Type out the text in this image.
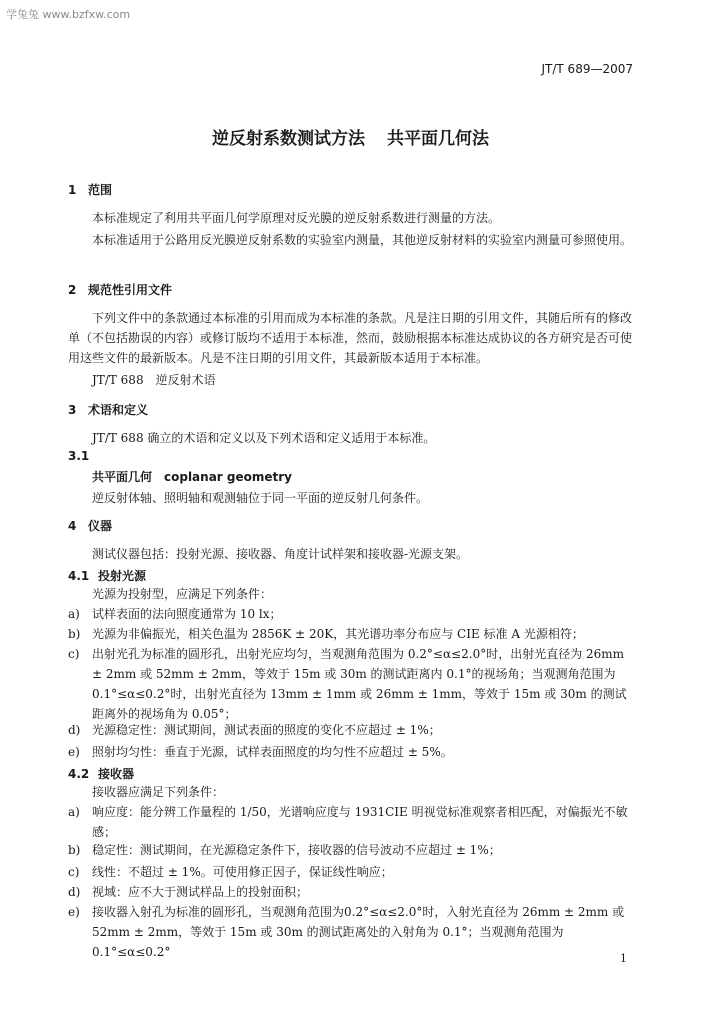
学兔兔 www.bzfxw.com
JT/T 689—2007
逆反射系数测试方法 共平面几何法
1 范围
本标准规定了利用共平面几何学原理对反光膜的逆反射系数进行测量的方法。
本标准适用于公路用反光膜逆反射系数的实验室内测量，其他逆反射材料的实验室内测量可参照使用。
2 规范性引用文件
下列文件中的条款通过本标准的引用而成为本标准的条款。凡是注日期的引用文件，其随后所有的修改单（不包括勘误的内容）或修订版均不适用于本标准，然而，鼓励根据本标准达成协议的各方研究是否可使用这些文件的最新版本。凡是不注日期的引用文件，其最新版本适用于本标准。
JT/T 688　逆反射术语
3 术语和定义
JT/T 688 确立的术语和定义以及下列术语和定义适用于本标准。
3.1
共平面几何　coplanar geometry
逆反射体轴、照明轴和观测轴位于同一平面的逆反射几何条件。
4 仪器
测试仪器包括：投射光源、接收器、角度计试样架和接收器-光源支架。
4.1 投射光源
光源为投射型，应满足下列条件：
a) 试样表面的法向照度通常为 10 lx；
b) 光源为非偏振光，相关色温为 2856K ± 20K，其光谱功率分布应与 CIE 标准 A 光源相符；
c) 出射光孔为标准的圆形孔，出射光应均匀，当观测角范围为 0.2°≤α≤2.0°时，出射光直径为 26mm ± 2mm 或 52mm ± 2mm，等效于 15m 或 30m 的测试距离内 0.1°的视场角；当观测角范围为 0.1°≤α≤0.2°时，出射光直径为 13mm ± 1mm 或 26mm ± 1mm，等效于 15m 或 30m 的测试距离外的视场角为 0.05°；
d) 光源稳定性：测试期间，测试表面的照度的变化不应超过 ± 1%；
e) 照射均匀性：垂直于光源，试样表面照度的均匀性不应超过 ± 5%。
4.2 接收器
接收器应满足下列条件：
a) 响应度：能分辨工作量程的 1/50，光谱响应度与 1931CIE 明视觉标准观察者相匹配，对偏振光不敏感；
b) 稳定性：测试期间，在光源稳定条件下，接收器的信号波动不应超过 ± 1%；
c) 线性：不超过 ± 1%。可使用修正因子，保证线性响应；
d) 视域：应不大于测试样品上的投射面积；
e) 接收器入射孔为标准的圆形孔，当观测角范围为0.2°≤α≤2.0°时，入射光直径为 26mm ± 2mm 或 52mm ± 2mm，等效于 15m 或 30m 的测试距离处的入射角为 0.1°；当观测角范围为 0.1°≤α≤0.2°	1
